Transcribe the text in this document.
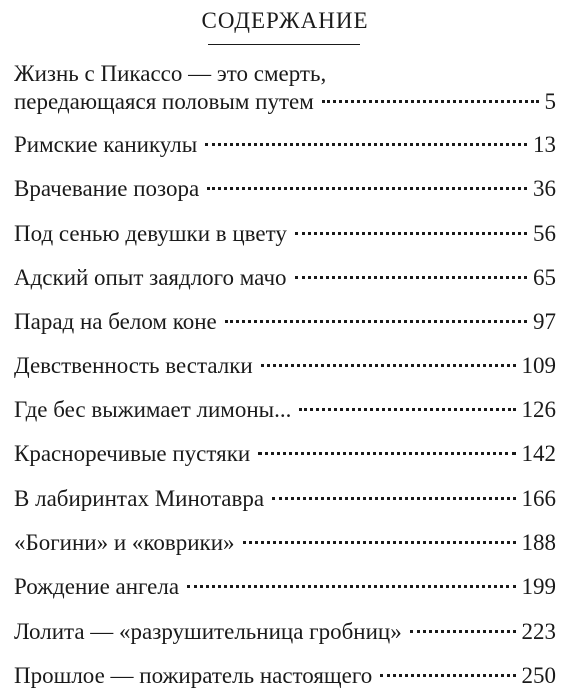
СОДЕРЖАНИЕ
Жизнь с Пикассо — это смерть,
передающаяся половым путем	5
Римские каникулы	13
Врачевание позора	36
Под сенью девушки в цвету	56
Адский опыт заядлого мачо	65
Парад на белом коне	97
Девственность весталки	109
Где бес выжимает лимоны...	126
Красноречивые пустяки	142
В лабиринтах Минотавра	166
«Богини» и «коврики»	188
Рождение ангела	199
Лолита — «разрушительница гробниц»	223
Прошлое — пожиратель настоящего	250
